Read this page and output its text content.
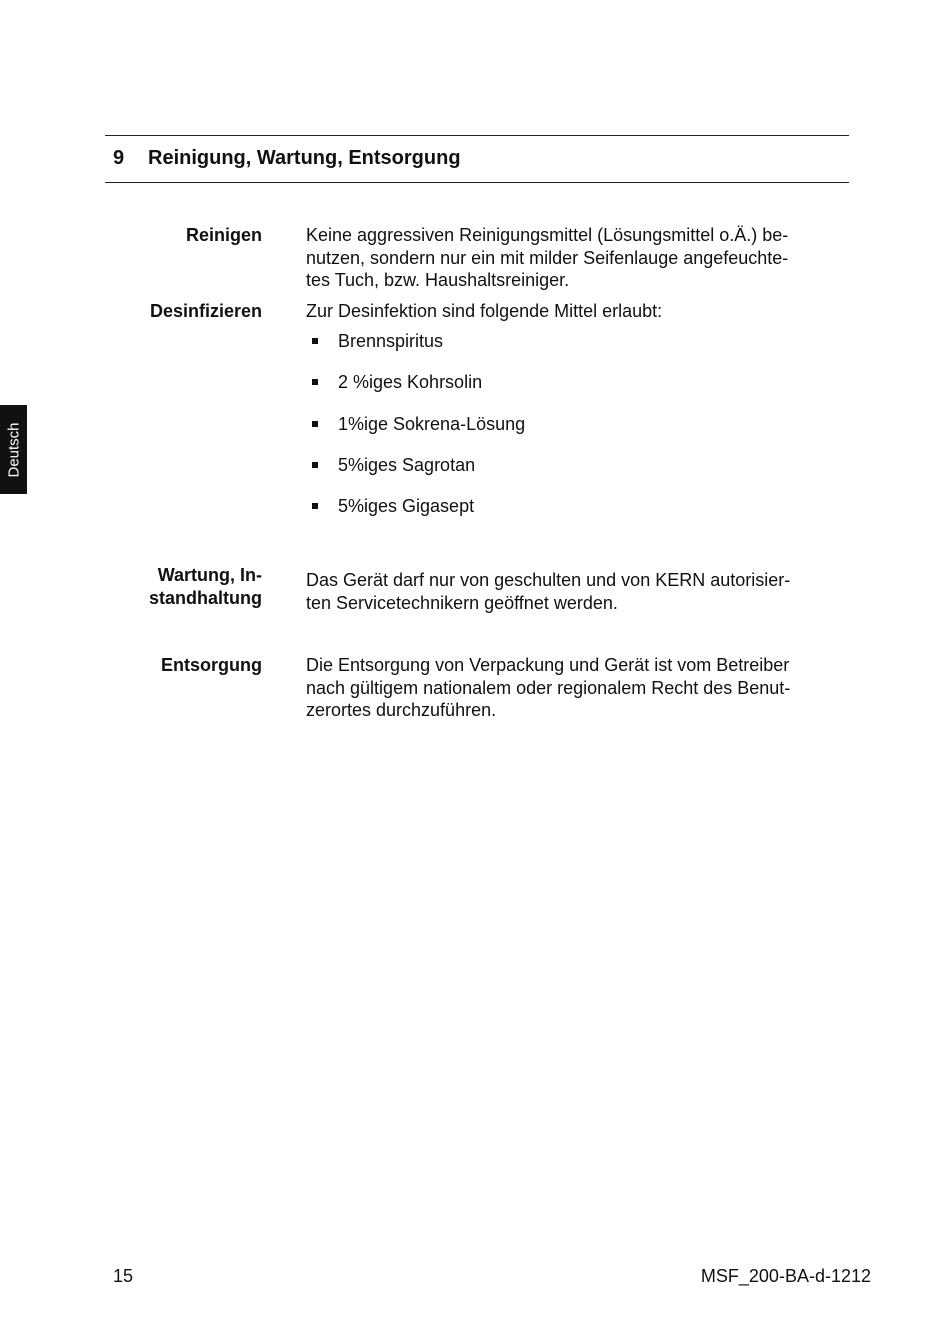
Deutsch
9 Reinigung, Wartung, Entsorgung
Reinigen Keine aggressiven Reinigungsmittel (Lösungsmittel o.Ä.) be-
nutzen, sondern nur ein mit milder Seifenlauge angefeuchte-
tes Tuch, bzw. Haushaltsreiniger.
Desinfizieren Zur Desinfektion sind folgende Mittel erlaubt:
Brennspiritus
2 %iges Kohrsolin
1%ige Sokrena-Lösung
5%iges Sagrotan
5%iges Gigasept
Wartung, In-
standhaltung
Das Gerät darf nur von geschulten und von KERN autorisier-
ten Servicetechnikern geöffnet werden.
Entsorgung Die Entsorgung von Verpackung und Gerät ist vom Betreiber
nach gültigem nationalem oder regionalem Recht des Benut-
zerortes durchzuführen.
15	MSF_200-BA-d-1212
